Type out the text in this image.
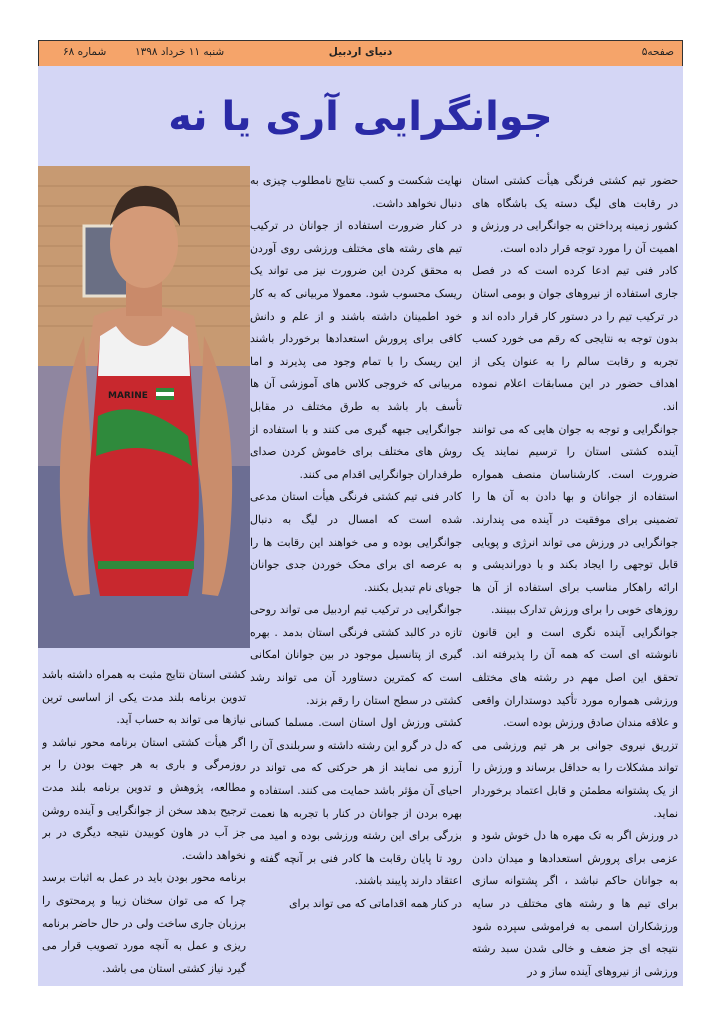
صفحه۵
دنیای اردبیل
شنبه ۱۱ خرداد ۱۳۹۸
شماره ۶۸
جوانگرایی آری یا نه
MARINE

حضور تیم کشتی فرنگی هیأت کشتی استان در رقابت های لیگ دسته یک باشگاه های کشور زمینه پرداختن به جوانگرایی در ورزش و اهمیت آن را مورد توجه قرار داده است.

کادر فنی تیم ادعا کرده است که در فصل جاری استفاده از نیروهای جوان و بومی استان در ترکیب تیم را در دستور کار قرار داده اند و بدون توجه به نتایجی که رقم می خورد کسب تجربه و رقابت سالم را به عنوان یکی از اهداف حضور در این مسابقات اعلام نموده اند.

جوانگرایی و توجه به جوان هایی که می توانند آینده کشتی استان را ترسیم نمایند یک ضرورت است. کارشناسان منصف همواره استفاده از جوانان و بها دادن به آن ها را تضمینی برای موفقیت در آینده می پندارند. جوانگرایی در ورزش می تواند انرژی و پویایی قابل توجهی را ایجاد بکند و با دوراندیشی و ارائه راهکار مناسب برای استفاده از آن ها روزهای خوبی را برای ورزش تدارک ببینند.

جوانگرایی آینده نگری است و این قانون نانوشته ای است که همه آن را پذیرفته اند. تحقق این اصل مهم در رشته های مختلف ورزشی همواره مورد تأکید دوستداران واقعی و علاقه مندان صادق ورزش بوده است.

تزریق نیروی جوانی بر هر تیم ورزشی می تواند مشکلات را به حداقل برساند و ورزش را از یک پشتوانه مطمئن و قابل اعتماد برخوردار نماید.

در ورزش اگر به تک مهره ها دل خوش شود و عزمی برای پرورش استعدادها و میدان دادن به جوانان حاکم نباشد ، اگر پشتوانه سازی برای تیم ها و رشته های مختلف در سایه ورزشکاران اسمی به فراموشی سپرده شود نتیجه ای جز ضعف و خالی شدن سبد رشته ورزشی از نیروهای آینده ساز و در

نهایت شکست و کسب نتایج نامطلوب چیزی به دنبال نخواهد داشت.

در کنار ضرورت استفاده از جوانان در ترکیب تیم های رشته های مختلف ورزشی روی آوردن به محقق کردن این ضرورت نیز می تواند یک ریسک محسوب شود. معمولا مربیانی که به کار خود اطمینان داشته باشند و از علم و دانش کافی برای پرورش استعدادها برخوردار باشند این ریسک را با تمام وجود می پذیرند و اما مربیانی که خروجی کلاس های آموزشی آن ها تأسف بار باشد به طرق مختلف در مقابل جوانگرایی جبهه گیری می کنند و با استفاده از روش های مختلف برای خاموش کردن صدای طرفداران جوانگرایی اقدام می کنند.

کادر فنی تیم کشتی فرنگی هیأت استان مدعی شده است که امسال در لیگ به دنبال جوانگرایی بوده و می خواهند این رقابت ها را به عرصه ای برای محک خوردن جدی جوانان جویای نام تبدیل بکنند.

جوانگرایی در ترکیب تیم اردبیل می تواند روحی تازه در کالبد کشتی فرنگی استان بدمد . بهره گیری از پتانسیل موجود در بین جوانان امکانی است که کمترین دستاورد آن می تواند رشد کشتی در سطح استان را رقم بزند.

کشتی ورزش اول استان است. مسلما کسانی که دل در گرو این رشته داشته و سربلندی آن را آرزو می نمایند از هر حرکتی که می تواند در احیای آن مؤثر باشد حمایت می کنند. استفاده و بهره بردن از جوانان در کنار با تجربه ها نعمت بزرگی برای این رشته ورزشی بوده و امید می رود تا پایان رقابت ها کادر فنی بر آنچه گفته و اعتقاد دارند پایبند باشند.

در کنار همه اقداماتی که می تواند برای

کشتی استان نتایج مثبت به همراه داشته باشد تدوین برنامه بلند مدت یکی از اساسی ترین نیازها می تواند به حساب آید.

اگر هیأت کشتی استان برنامه محور نباشد و روزمرگی و باری به هر جهت بودن را بر مطالعه، پژوهش و تدوین برنامه بلند مدت ترجیح بدهد سخن از جوانگرایی و آینده روشن جز آب در هاون کوبیدن نتیجه دیگری در بر نخواهد داشت.

برنامه محور بودن باید در عمل به اثبات برسد چرا که می توان سخنان زیبا و پرمحتوی را برزبان جاری ساخت ولی در حال حاضر برنامه ریزی و عمل به آنچه مورد تصویب قرار می گیرد نیاز کشتی استان می باشد.
